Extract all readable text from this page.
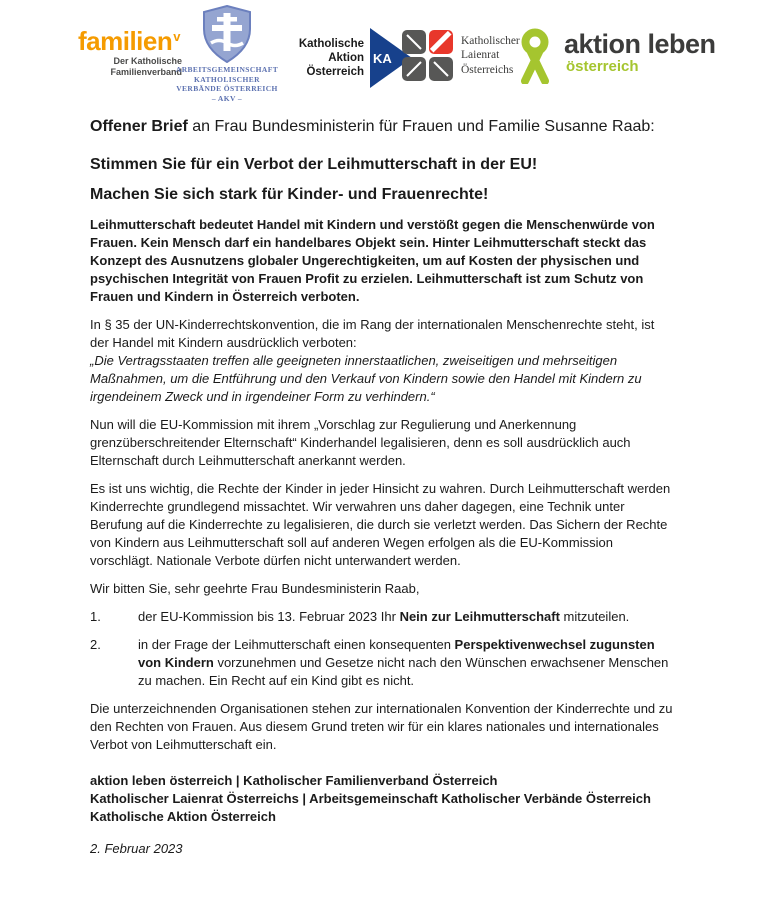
familien$^v$
Der Katholische
Familienverband
ARBEITSGEMEINSCHAFT
KATHOLISCHER
VERBÄNDE ÖSTERREICH
– AKV –
Katholische Aktion
Österreich
KA
Katholischer
Laienrat
Österreichs
aktion leben
österreich

Offener Brief an Frau Bundesministerin für Frauen und Familie Susanne Raab:

Stimmen Sie für ein Verbot der Leihmutterschaft in der EU!
Machen Sie sich stark für Kinder- und Frauenrechte!

Leihmutterschaft bedeutet Handel mit Kindern und verstößt gegen die Menschenwürde von Frauen. Kein Mensch darf ein handelbares Objekt sein. Hinter Leihmutterschaft steckt das Konzept des Ausnutzens globaler Ungerechtigkeiten, um auf Kosten der physischen und psychischen Integrität von Frauen Profit zu erzielen. Leihmutterschaft ist zum Schutz von Frauen und Kindern in Österreich verboten.

In § 35 der UN-Kinderrechtskonvention, die im Rang der internationalen Menschenrechte steht, ist der Handel mit Kindern ausdrücklich verboten:
„Die Vertragsstaaten treffen alle geeigneten innerstaatlichen, zweiseitigen und mehrseitigen Maßnahmen, um die Entführung und den Verkauf von Kindern sowie den Handel mit Kindern zu irgendeinem Zweck und in irgendeiner Form zu verhindern.“

Nun will die EU-Kommission mit ihrem „Vorschlag zur Regulierung und Anerkennung grenzüberschreitender Elternschaft“ Kinderhandel legalisieren, denn es soll ausdrücklich auch Elternschaft durch Leihmutterschaft anerkannt werden.

Es ist uns wichtig, die Rechte der Kinder in jeder Hinsicht zu wahren. Durch Leihmutterschaft werden Kinderrechte grundlegend missachtet. Wir verwahren uns daher dagegen, eine Technik unter Berufung auf die Kinderrechte zu legalisieren, die durch sie verletzt werden. Das Sichern der Rechte von Kindern aus Leihmutterschaft soll auf anderen Wegen erfolgen als die EU-Kommission vorschlägt. Nationale Verbote dürfen nicht unterwandert werden.

Wir bitten Sie, sehr geehrte Frau Bundesministerin Raab,

1.	der EU-Kommission bis 13. Februar 2023 Ihr Nein zur Leihmutterschaft mitzuteilen.
2.	in der Frage der Leihmutterschaft einen konsequenten Perspektivenwechsel zugunsten von Kindern vorzunehmen und Gesetze nicht nach den Wünschen erwachsener Menschen zu machen. Ein Recht auf ein Kind gibt es nicht.

Die unterzeichnenden Organisationen stehen zur internationalen Konvention der Kinderrechte und zu den Rechten von Frauen. Aus diesem Grund treten wir für ein klares nationales und internationales Verbot von Leihmutterschaft ein.

aktion leben österreich | Katholischer Familienverband Österreich
Katholischer Laienrat Österreichs | Arbeitsgemeinschaft Katholischer Verbände Österreich
Katholische Aktion Österreich

2. Februar 2023
